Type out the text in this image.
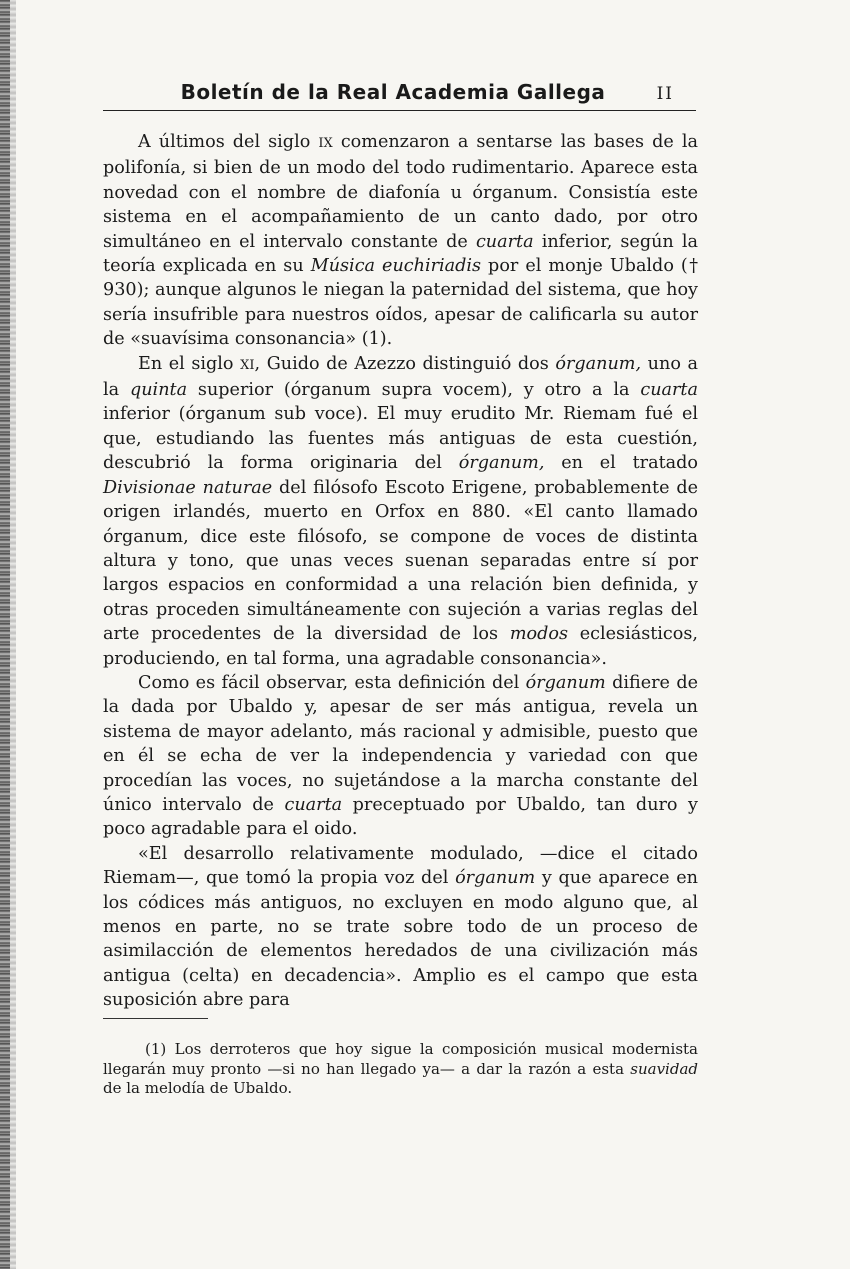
Boletín de la Real Academia Gallega	II

A últimos del siglo IX comenzaron a sentarse las bases de la polifonía, si bien de un modo del todo rudimentario. Aparece esta novedad con el nombre de diafonía u órganum. Consistía este sistema en el acompañamiento de un canto dado, por otro simultáneo en el intervalo constante de cuarta inferior, según la teoría explicada en su Música euchiriadis por el monje Ubaldo († 930); aunque algunos le niegan la paternidad del sistema, que hoy sería insufrible para nuestros oídos, apesar de calificarla su autor de «suavísima consonancia» (1).

En el siglo XI, Guido de Azezzo distinguió dos órganum, uno a la quinta superior (órganum supra vocem), y otro a la cuarta inferior (órganum sub voce). El muy erudito Mr. Riemam fué el que, estudiando las fuentes más antiguas de esta cuestión, descubrió la forma originaria del órganum, en el tratado Divisionae naturae del filósofo Escoto Erigene, probablemente de origen irlandés, muerto en Orfox en 880. «El canto llamado órganum, dice este filósofo, se compone de voces de distinta altura y tono, que unas veces suenan separadas entre sí por largos espacios en conformidad a una relación bien definida, y otras proceden simultáneamente con sujeción a varias reglas del arte procedentes de la diversidad de los modos eclesiásticos, produciendo, en tal forma, una agradable consonancia».

Como es fácil observar, esta definición del órganum difiere de la dada por Ubaldo y, apesar de ser más antigua, revela un sistema de mayor adelanto, más racional y admisible, puesto que en él se echa de ver la independencia y variedad con que procedían las voces, no sujetándose a la marcha constante del único intervalo de cuarta preceptuado por Ubaldo, tan duro y poco agradable para el oido.

«El desarrollo relativamente modulado, —dice el citado Riemam—, que tomó la propia voz del órganum y que aparece en los códices más antiguos, no excluyen en modo alguno que, al menos en parte, no se trate sobre todo de un proceso de asimilacción de elementos heredados de una civilización más antigua (celta) en decadencia». Amplio es el campo que esta suposición abre para

(1) Los derroteros que hoy sigue la composición musical modernista llegarán muy pronto —si no han llegado ya— a dar la razón a esta suavidad de la melodía de Ubaldo.
